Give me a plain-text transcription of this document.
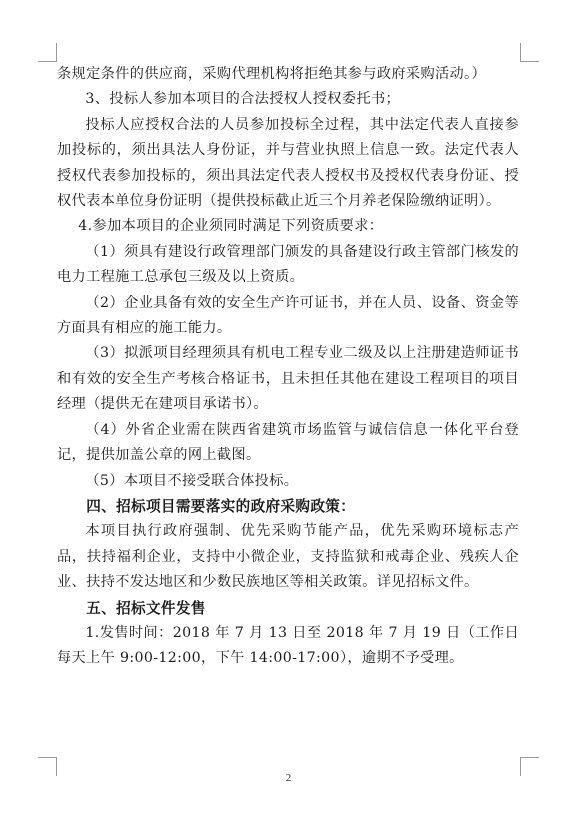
条规定条件的供应商，采购代理机构将拒绝其参与政府采购活动。）

3、投标人参加本项目的合法授权人授权委托书；

投标人应授权合法的人员参加投标全过程，其中法定代表人直接参加投标的，须出具法人身份证，并与营业执照上信息一致。法定代表人授权代表参加投标的，须出具法定代表人授权书及授权代表身份证、授权代表本单位身份证明（提供投标截止近三个月养老保险缴纳证明）。

4.参加本项目的企业须同时满足下列资质要求：

（1）须具有建设行政管理部门颁发的具备建设行政主管部门核发的电力工程施工总承包三级及以上资质。

（2）企业具备有效的安全生产许可证书，并在人员、设备、资金等方面具有相应的施工能力。

（3）拟派项目经理须具有机电工程专业二级及以上注册建造师证书和有效的安全生产考核合格证书，且未担任其他在建设工程项目的项目经理（提供无在建项目承诺书）。

（4）外省企业需在陕西省建筑市场监管与诚信信息一体化平台登记，提供加盖公章的网上截图。

（5）本项目不接受联合体投标。

四、招标项目需要落实的政府采购政策：

本项目执行政府强制、优先采购节能产品，优先采购环境标志产品，扶持福利企业，支持中小微企业，支持监狱和戒毒企业、残疾人企业、扶持不发达地区和少数民族地区等相关政策。详见招标文件。

五、招标文件发售

1.发售时间：2018 年 7 月 13 日至 2018 年 7 月 19 日（工作日每天上午 9:00-12:00，下午 14:00-17:00），逾期不予受理。

2
